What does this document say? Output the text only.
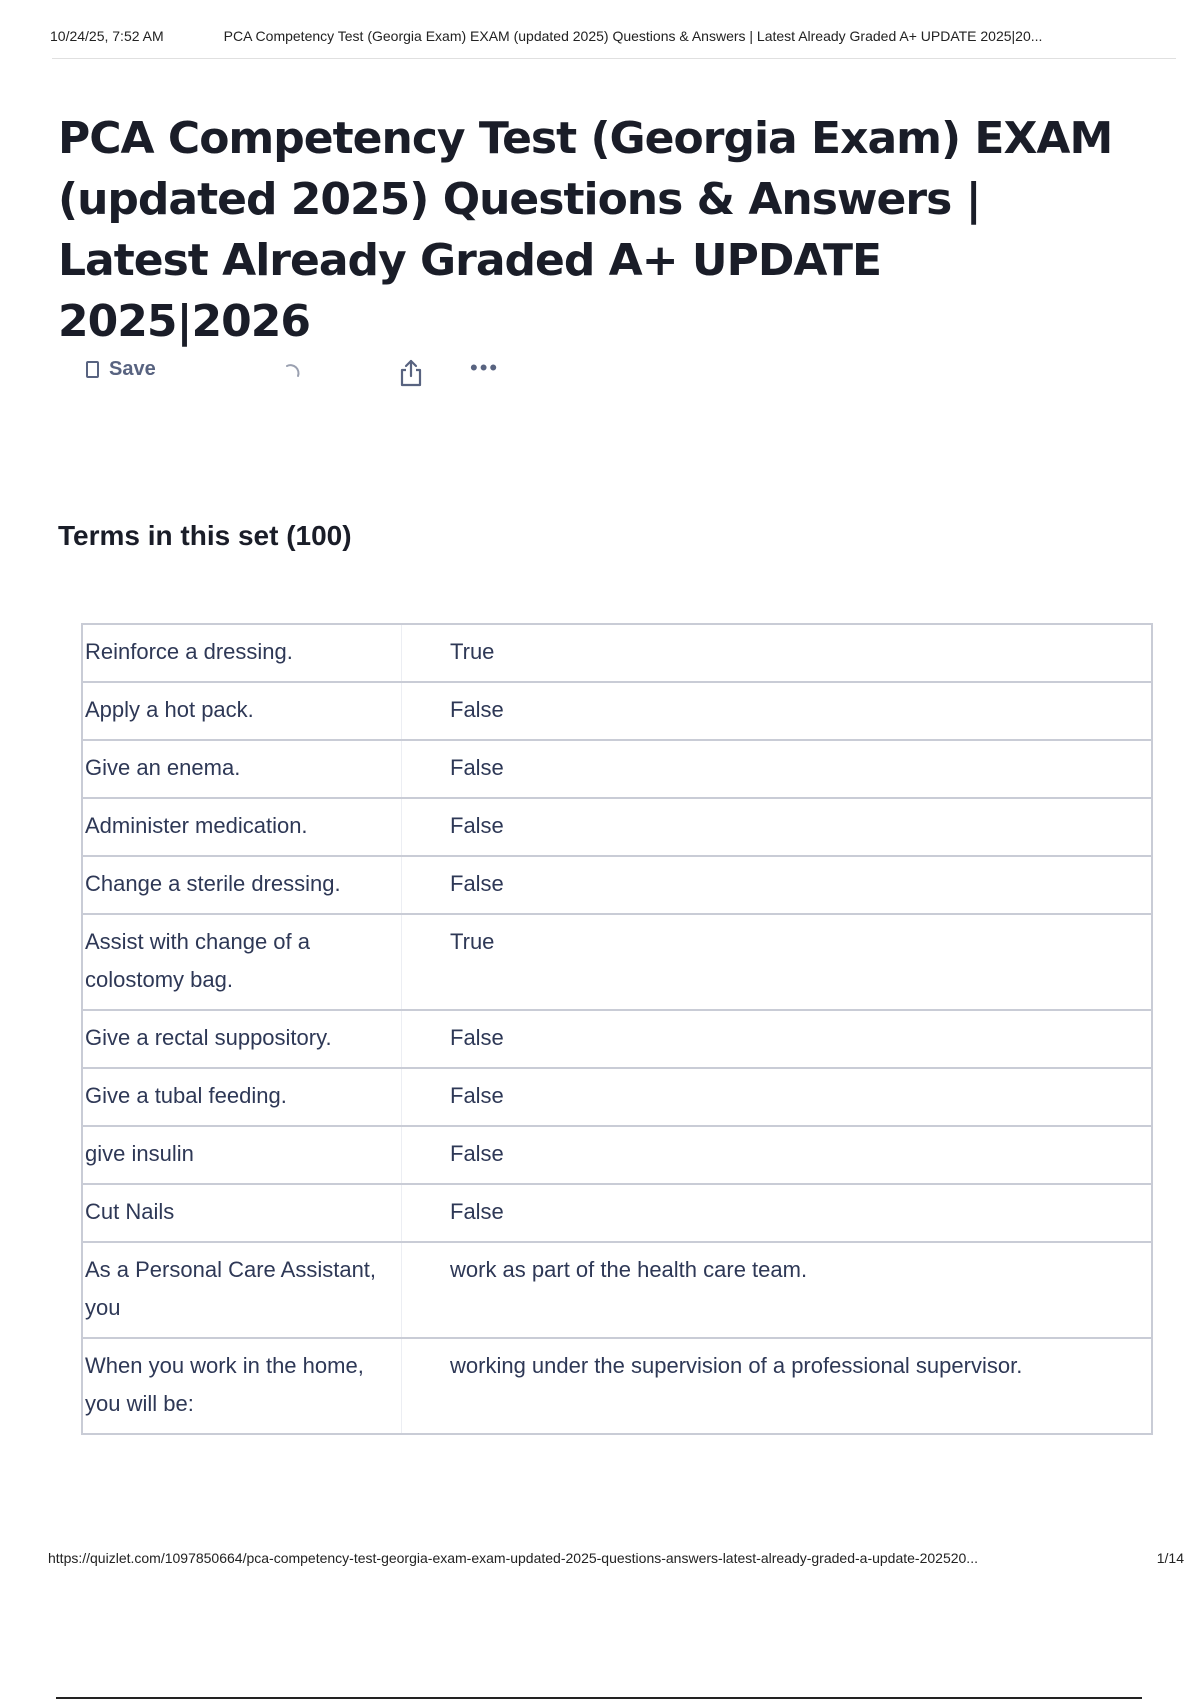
10/24/25, 7:52 AM	PCA Competency Test (Georgia Exam) EXAM (updated 2025) Questions & Answers | Latest Already Graded A+ UPDATE 2025|20...
PCA Competency Test (Georgia Exam) EXAM (updated 2025) Questions & Answers | Latest Already Graded A+ UPDATE 2025|2026
Save	•••
Terms in this set (100)
Reinforce a dressing.	True
Apply a hot pack.	False
Give an enema.	False
Administer medication.	False
Change a sterile dressing.	False
Assist with change of a colostomy bag.	True
Give a rectal suppository.	False
Give a tubal feeding.	False
give insulin	False
Cut Nails	False
As a Personal Care Assistant, you	work as part of the health care team.
When you work in the home, you will be:	working under the supervision of a professional supervisor.
https://quizlet.com/1097850664/pca-competency-test-georgia-exam-exam-updated-2025-questions-answers-latest-already-graded-a-update-202520...	1/14
